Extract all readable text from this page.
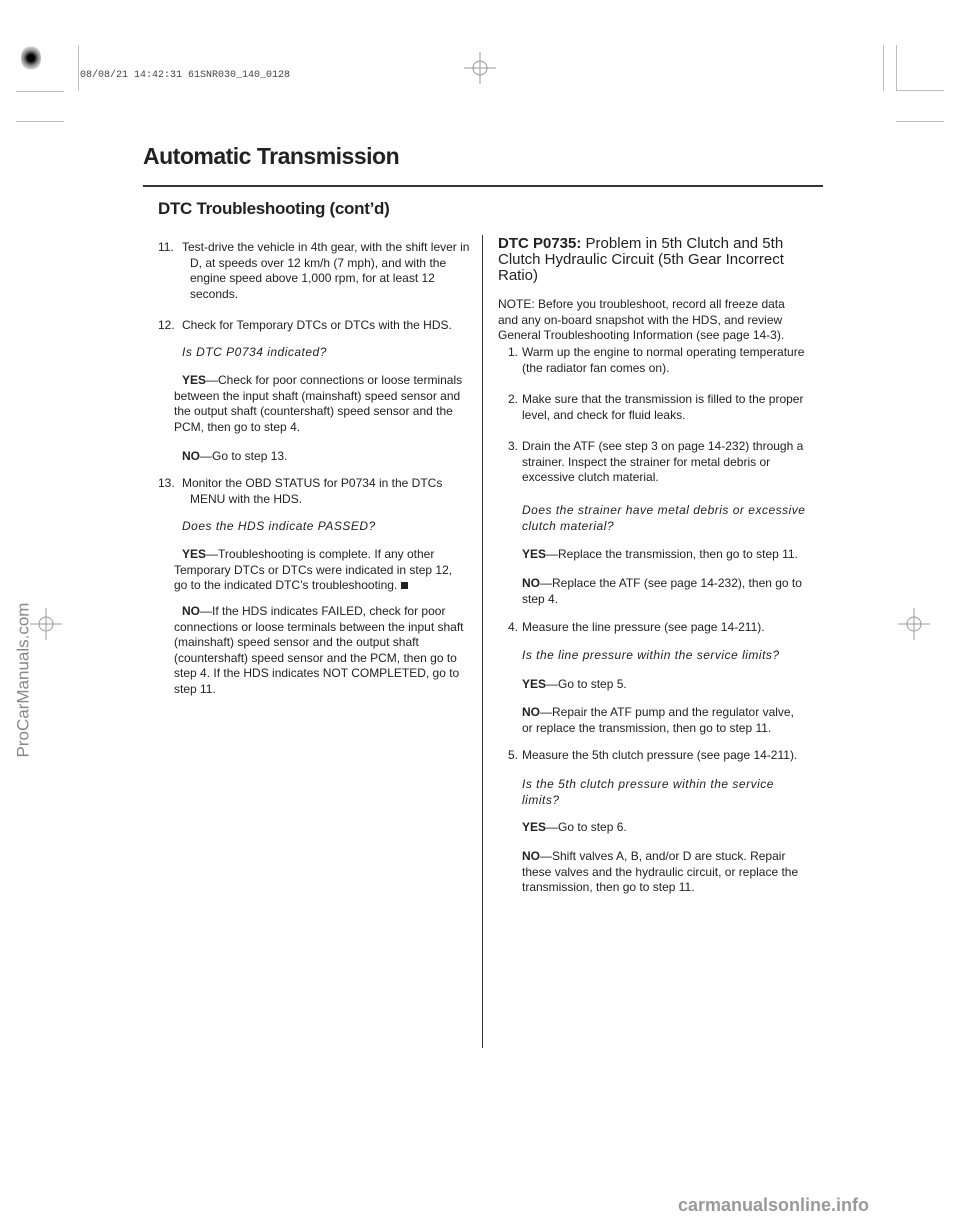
08/08/21 14:42:31 61SNR030_140_0128
Automatic Transmission
DTC Troubleshooting (cont’d)
11. Test-drive the vehicle in 4th gear, with the shift lever in D, at speeds over 12 km/h (7 mph), and with the engine speed above 1,000 rpm, for at least 12 seconds.
12. Check for Temporary DTCs or DTCs with the HDS.
Is DTC P0734 indicated?
YES—Check for poor connections or loose terminals between the input shaft (mainshaft) speed sensor and the output shaft (countershaft) speed sensor and the PCM, then go to step 4.
NO—Go to step 13.
13. Monitor the OBD STATUS for P0734 in the DTCs MENU with the HDS.
Does the HDS indicate PASSED?
YES—Troubleshooting is complete. If any other Temporary DTCs or DTCs were indicated in step 12, go to the indicated DTC’s troubleshooting.
NO—If the HDS indicates FAILED, check for poor connections or loose terminals between the input shaft (mainshaft) speed sensor and the output shaft (countershaft) speed sensor and the PCM, then go to step 4. If the HDS indicates NOT COMPLETED, go to step 11.
DTC P0735: Problem in 5th Clutch and 5th Clutch Hydraulic Circuit (5th Gear Incorrect Ratio)
NOTE: Before you troubleshoot, record all freeze data and any on-board snapshot with the HDS, and review General Troubleshooting Information (see page 14-3).
1. Warm up the engine to normal operating temperature (the radiator fan comes on).
2. Make sure that the transmission is filled to the proper level, and check for fluid leaks.
3. Drain the ATF (see step 3 on page 14-232) through a strainer. Inspect the strainer for metal debris or excessive clutch material.
Does the strainer have metal debris or excessive clutch material?
YES—Replace the transmission, then go to step 11.
NO—Replace the ATF (see page 14-232), then go to step 4.
4. Measure the line pressure (see page 14-211).
Is the line pressure within the service limits?
YES—Go to step 5.
NO—Repair the ATF pump and the regulator valve, or replace the transmission, then go to step 11.
5. Measure the 5th clutch pressure (see page 14-211).
Is the 5th clutch pressure within the service limits?
YES—Go to step 6.
NO—Shift valves A, B, and/or D are stuck. Repair these valves and the hydraulic circuit, or replace the transmission, then go to step 11.
ProCarManuals.com
carmanualsonline.info
